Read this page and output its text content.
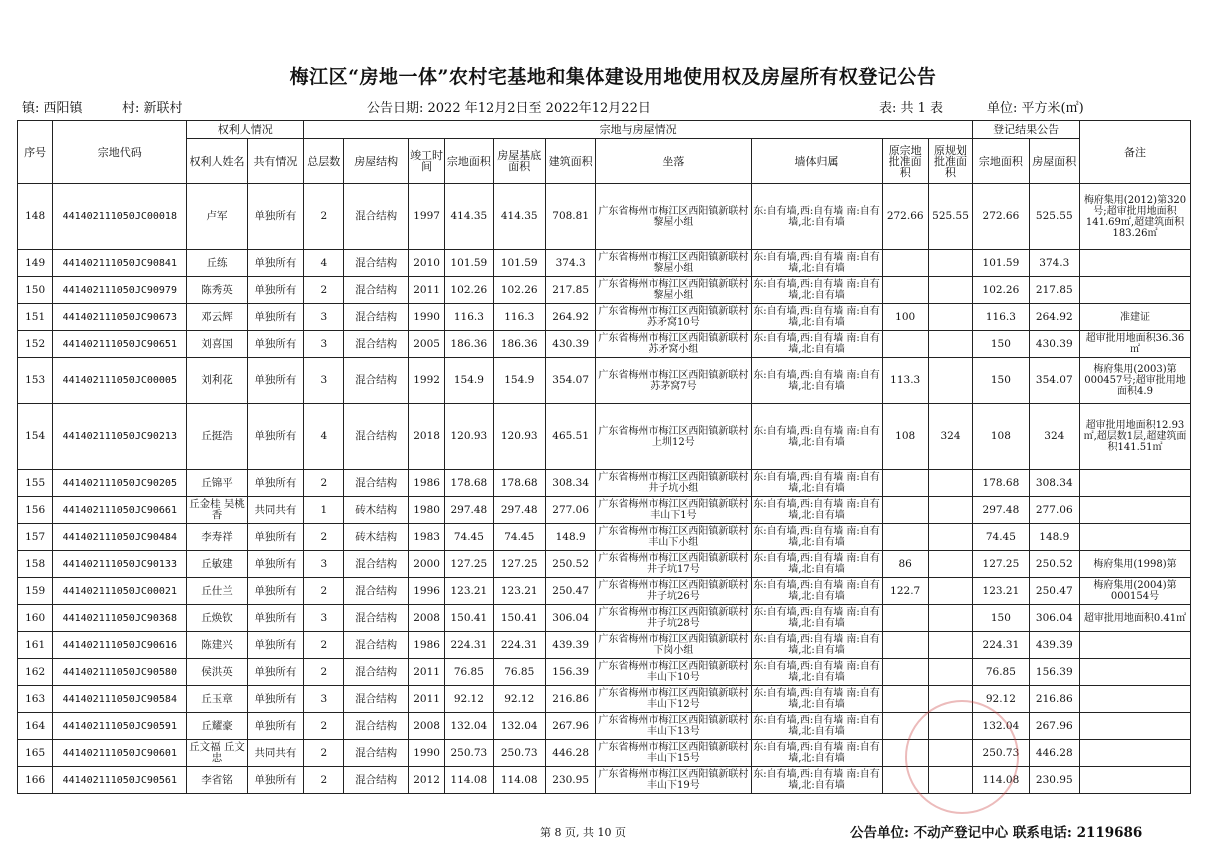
梅江区“房地一体”农村宅基地和集体建设用地使用权及房屋所有权登记公告
镇: 西阳镇	村: 新联村	公告日期: 2022 年12月2日至 2022年12月22日	表: 共 1 表	单位: 平方米(㎡)
序号	宗地代码	权利人情况		宗地与房屋情况										登记结果公告		备注
		权利人姓名	共有情况	总层数	房屋结构	竣工时间	宗地面积	房屋基底面积	建筑面积	坐落	墙体归属	原宗地批准面积	原规划批准面积	宗地面积	房屋面积	
148	441402111050JC00018	卢军	单独所有	2	混合结构	1997	414.35	414.35	708.81	广东省梅州市梅江区西阳镇新联村黎屋小组	东:自有墙,西:自有墙 南:自有墙,北:自有墙	272.66	525.55	272.66	525.55	梅府集用(2012)第320号;超审批用地面积141.69㎡,超建筑面积183.26㎡
149	441402111050JC90841	丘练	单独所有	4	混合结构	2010	101.59	101.59	374.3	广东省梅州市梅江区西阳镇新联村黎屋小组	东:自有墙,西:自有墙 南:自有墙,北:自有墙			101.59	374.3	
150	441402111050JC90979	陈秀英	单独所有	2	混合结构	2011	102.26	102.26	217.85	广东省梅州市梅江区西阳镇新联村黎屋小组	东:自有墙,西:自有墙 南:自有墙,北:自有墙			102.26	217.85	
151	441402111050JC90673	邓云辉	单独所有	3	混合结构	1990	116.3	116.3	264.92	广东省梅州市梅江区西阳镇新联村苏矛窝10号	东:自有墙,西:自有墙 南:自有墙,北:自有墙	100		116.3	264.92	准建证
152	441402111050JC90651	刘喜国	单独所有	3	混合结构	2005	186.36	186.36	430.39	广东省梅州市梅江区西阳镇新联村苏矛窝小组	东:自有墙,西:自有墙 南:自有墙,北:自有墙			150	430.39	超审批用地面积36.36㎡
153	441402111050JC00005	刘利花	单独所有	3	混合结构	1992	154.9	154.9	354.07	广东省梅州市梅江区西阳镇新联村苏茅窝7号	东:自有墙,西:自有墙 南:自有墙,北:自有墙	113.3		150	354.07	梅府集用(2003)第000457号;超审批用地面积4.9
154	441402111050JC90213	丘挺浩	单独所有	4	混合结构	2018	120.93	120.93	465.51	广东省梅州市梅江区西阳镇新联村上圳12号	东:自有墙,西:自有墙 南:自有墙,北:自有墙	108	324	108	324	超审批用地面积12.93㎡,超层数1层,超建筑面积141.51㎡
155	441402111050JC90205	丘锦平	单独所有	2	混合结构	1986	178.68	178.68	308.34	广东省梅州市梅江区西阳镇新联村井子坑小组	东:自有墙,西:自有墙 南:自有墙,北:自有墙			178.68	308.34	
156	441402111050JC90661	丘金桂 吴桃香	共同共有	1	砖木结构	1980	297.48	297.48	277.06	广东省梅州市梅江区西阳镇新联村丰山下1号	东:自有墙,西:自有墙 南:自有墙,北:自有墙			297.48	277.06	
157	441402111050JC90484	李寿祥	单独所有	2	砖木结构	1983	74.45	74.45	148.9	广东省梅州市梅江区西阳镇新联村丰山下小组	东:自有墙,西:自有墙 南:自有墙,北:自有墙			74.45	148.9	
158	441402111050JC90133	丘敏建	单独所有	3	混合结构	2000	127.25	127.25	250.52	广东省梅州市梅江区西阳镇新联村井子坑17号	东:自有墙,西:自有墙 南:自有墙,北:自有墙	86		127.25	250.52	梅府集用(1998)第
159	441402111050JC00021	丘仕兰	单独所有	2	混合结构	1996	123.21	123.21	250.47	广东省梅州市梅江区西阳镇新联村井子坑26号	东:自有墙,西:自有墙 南:自有墙,北:自有墙	122.7		123.21	250.47	梅府集用(2004)第000154号
160	441402111050JC90368	丘焕钦	单独所有	3	混合结构	2008	150.41	150.41	306.04	广东省梅州市梅江区西阳镇新联村井子坑28号	东:自有墙,西:自有墙 南:自有墙,北:自有墙			150	306.04	超审批用地面积0.41㎡
161	441402111050JC90616	陈建兴	单独所有	2	混合结构	1986	224.31	224.31	439.39	广东省梅州市梅江区西阳镇新联村下岗小组	东:自有墙,西:自有墙 南:自有墙,北:自有墙			224.31	439.39	
162	441402111050JC90580	侯洪英	单独所有	2	混合结构	2011	76.85	76.85	156.39	广东省梅州市梅江区西阳镇新联村丰山下10号	东:自有墙,西:自有墙 南:自有墙,北:自有墙			76.85	156.39	
163	441402111050JC90584	丘玉章	单独所有	3	混合结构	2011	92.12	92.12	216.86	广东省梅州市梅江区西阳镇新联村丰山下12号	东:自有墙,西:自有墙 南:自有墙,北:自有墙			92.12	216.86	
164	441402111050JC90591	丘耀豪	单独所有	2	混合结构	2008	132.04	132.04	267.96	广东省梅州市梅江区西阳镇新联村丰山下13号	东:自有墙,西:自有墙 南:自有墙,北:自有墙			132.04	267.96	
165	441402111050JC90601	丘文福 丘文忠	共同共有	2	混合结构	1990	250.73	250.73	446.28	广东省梅州市梅江区西阳镇新联村丰山下15号	东:自有墙,西:自有墙 南:自有墙,北:自有墙			250.73	446.28	
166	441402111050JC90561	李省铭	单独所有	2	混合结构	2012	114.08	114.08	230.95	广东省梅州市梅江区西阳镇新联村丰山下19号	东:自有墙,西:自有墙 南:自有墙,北:自有墙			114.08	230.95	
第 8 页, 共 10 页	公告单位: 不动产登记中心 联系电话: 2119686
